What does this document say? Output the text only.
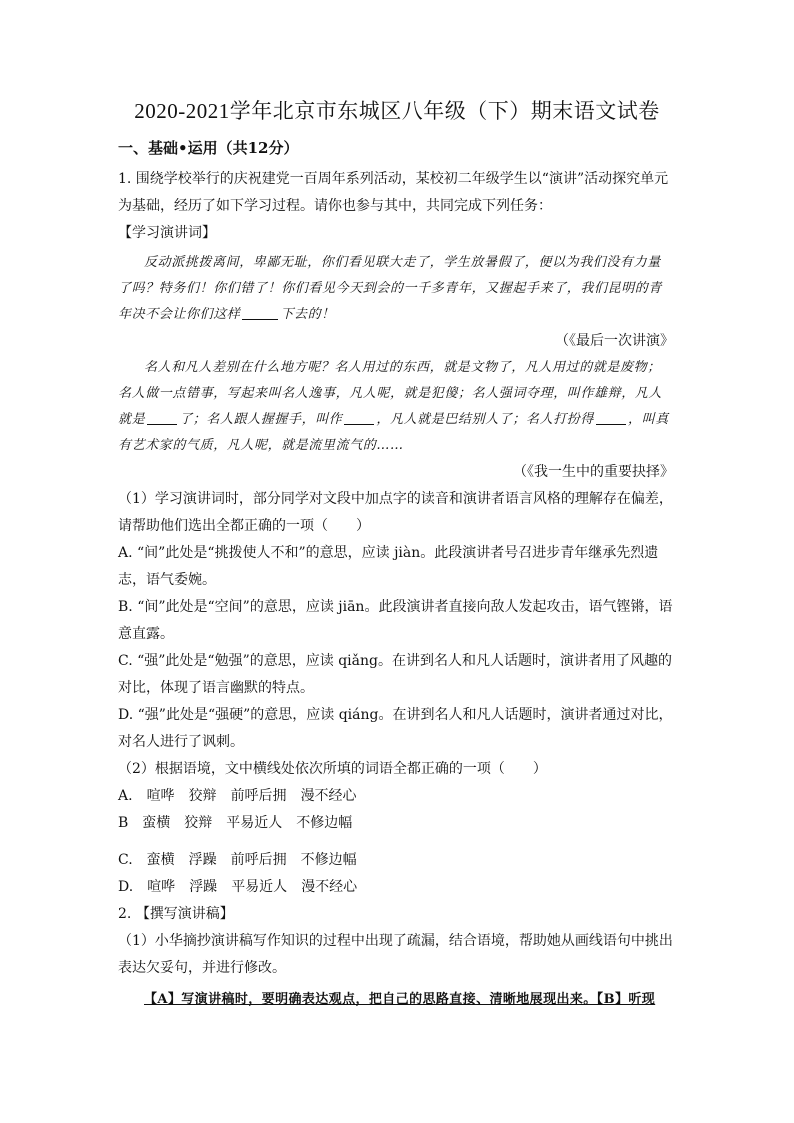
2020-2021学年北京市东城区八年级（下）期末语文试卷
一、基础•运用（共12分）

1. 围绕学校举行的庆祝建党一百周年系列活动，某校初二年级学生以“演讲”活动探究单元为基础，经历了如下学习过程。请你也参与其中，共同完成下列任务：

【学习演讲词】

反动派挑拨离间，卑鄙无耻，你们看见联大走了，学生放暑假了，便以为我们没有力量了吗？特务们！你们错了！你们看见今天到会的一千多青年，又握起手来了，我们昆明的青年决不会让你们这样	下去的！

（《最后一次讲演》

名人和凡人差别在什么地方呢？名人用过的东西，就是文物了，凡人用过的就是废物；名人做一点错事，写起来叫名人逸事，凡人呢，就是犯傻；名人强词夺理，叫作雄辩，凡人就是	了；名人跟人握握手，叫作	，凡人就是巴结别人了；名人打扮得	，叫真有艺术家的气质，凡人呢，就是流里流气的……

（《我一生中的重要抉择》

（1）学习演讲词时，部分同学对文段中加点字的读音和演讲者语言风格的理解存在偏差，请帮助他们选出全都正确的一项（　　）

A. “间”此处是“挑拨使人不和”的意思，应读 jiàn。此段演讲者号召进步青年继承先烈遗志，语气委婉。

B. “间”此处是“空间”的意思，应读 jiān。此段演讲者直接向敌人发起攻击，语气铿锵，语意直露。

C. “强”此处是“勉强”的意思，应读 qiǎng。在讲到名人和凡人话题时，演讲者用了风趣的对比，体现了语言幽默的特点。

D. “强”此处是“强硬”的意思，应读 qiáng。在讲到名人和凡人话题时，演讲者通过对比，对名人进行了讽刺。

（2）根据语境，文中横线处依次所填的词语全都正确的一项（　　）

A. 喧哗 狡辩 前呼后拥 漫不经心

B 蛮横 狡辩 平易近人 不修边幅

C. 蛮横 浮躁 前呼后拥 不修边幅

D. 喧哗 浮躁 平易近人 漫不经心

2. 【撰写演讲稿】

（1）小华摘抄演讲稿写作知识的过程中出现了疏漏，结合语境，帮助她从画线语句中挑出表达欠妥句，并进行修改。

【A】写演讲稿时，要明确表达观点，把自己的思路直接、清晰地展现出来。【B】听现
